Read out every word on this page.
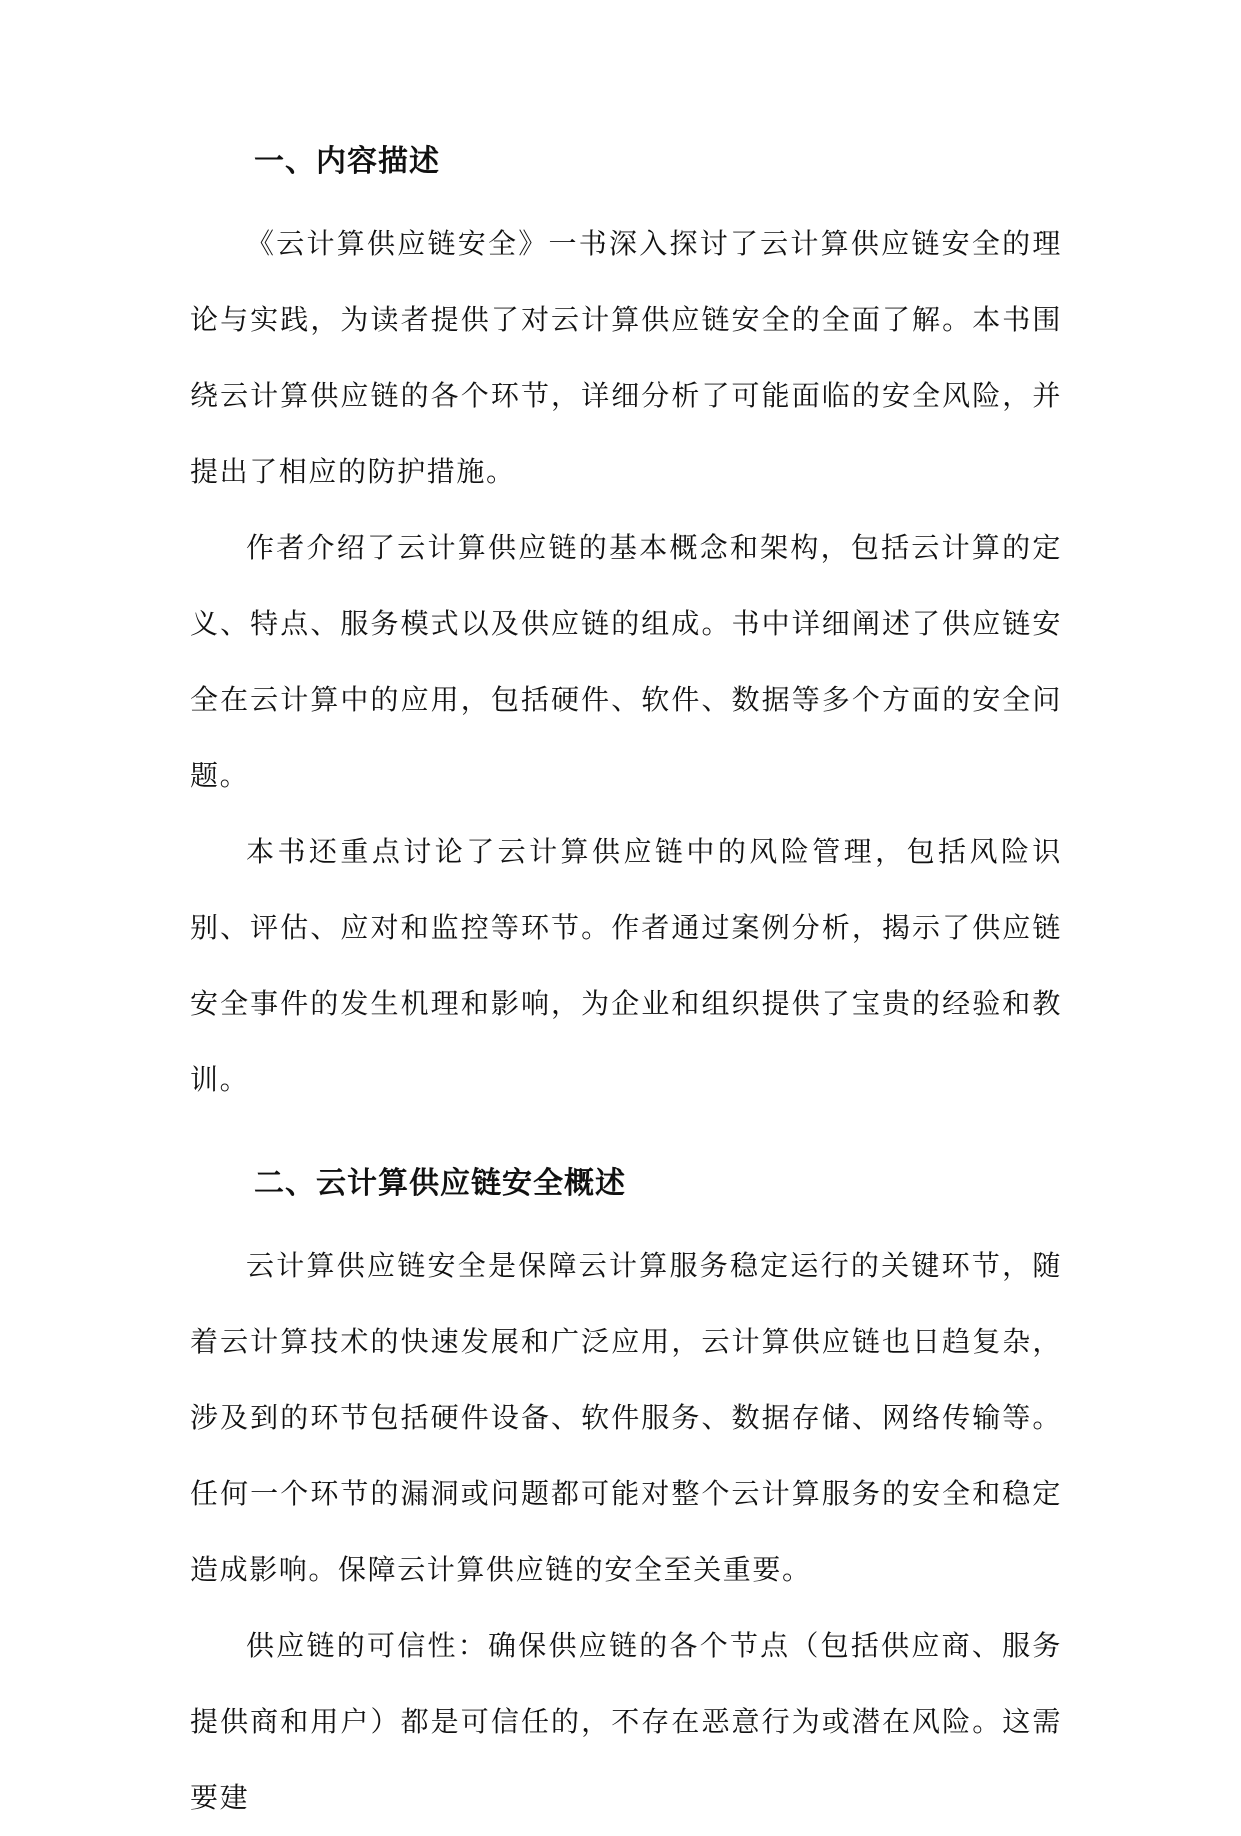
一、内容描述

《云计算供应链安全》一书深入探讨了云计算供应链安全的理论与实践，为读者提供了对云计算供应链安全的全面了解。本书围绕云计算供应链的各个环节，详细分析了可能面临的安全风险，并提出了相应的防护措施。

作者介绍了云计算供应链的基本概念和架构，包括云计算的定义、特点、服务模式以及供应链的组成。书中详细阐述了供应链安全在云计算中的应用，包括硬件、软件、数据等多个方面的安全问题。

本书还重点讨论了云计算供应链中的风险管理，包括风险识别、评估、应对和监控等环节。作者通过案例分析，揭示了供应链安全事件的发生机理和影响，为企业和组织提供了宝贵的经验和教训。

二、云计算供应链安全概述

云计算供应链安全是保障云计算服务稳定运行的关键环节，随着云计算技术的快速发展和广泛应用，云计算供应链也日趋复杂，涉及到的环节包括硬件设备、软件服务、数据存储、网络传输等。任何一个环节的漏洞或问题都可能对整个云计算服务的安全和稳定造成影响。保障云计算供应链的安全至关重要。

供应链的可信性：确保供应链的各个节点（包括供应商、服务提供商和用户）都是可信任的，不存在恶意行为或潜在风险。这需要建
